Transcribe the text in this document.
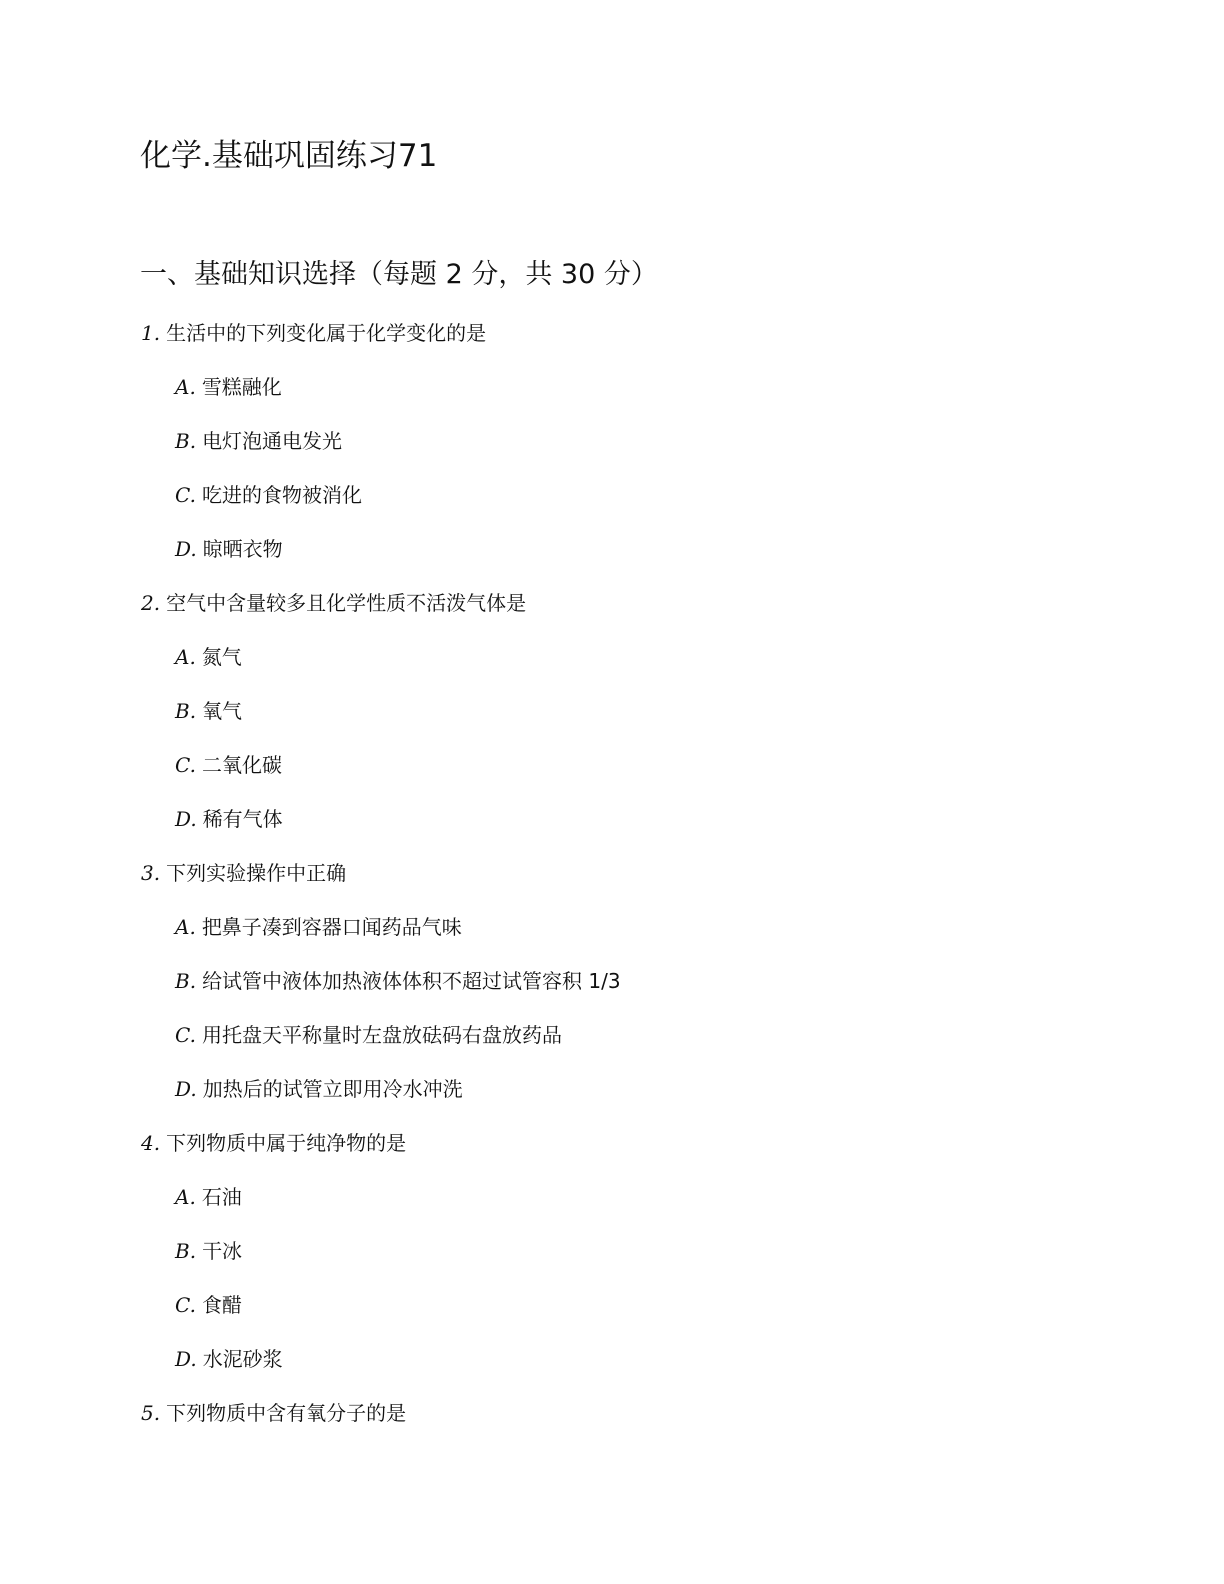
化学.基础巩固练习71
一、基础知识选择（每题 2 分，共 30 分）
1. 生活中的下列变化属于化学变化的是
A. 雪糕融化
B. 电灯泡通电发光
C. 吃进的食物被消化
D. 晾晒衣物
2. 空气中含量较多且化学性质不活泼气体是
A. 氮气
B. 氧气
C. 二氧化碳
D. 稀有气体
3. 下列实验操作中正确
A. 把鼻子凑到容器口闻药品气味
B. 给试管中液体加热液体体积不超过试管容积 1/3
C. 用托盘天平称量时左盘放砝码右盘放药品
D. 加热后的试管立即用冷水冲洗
4. 下列物质中属于纯净物的是
A. 石油
B. 干冰
C. 食醋
D. 水泥砂浆
5. 下列物质中含有氧分子的是
